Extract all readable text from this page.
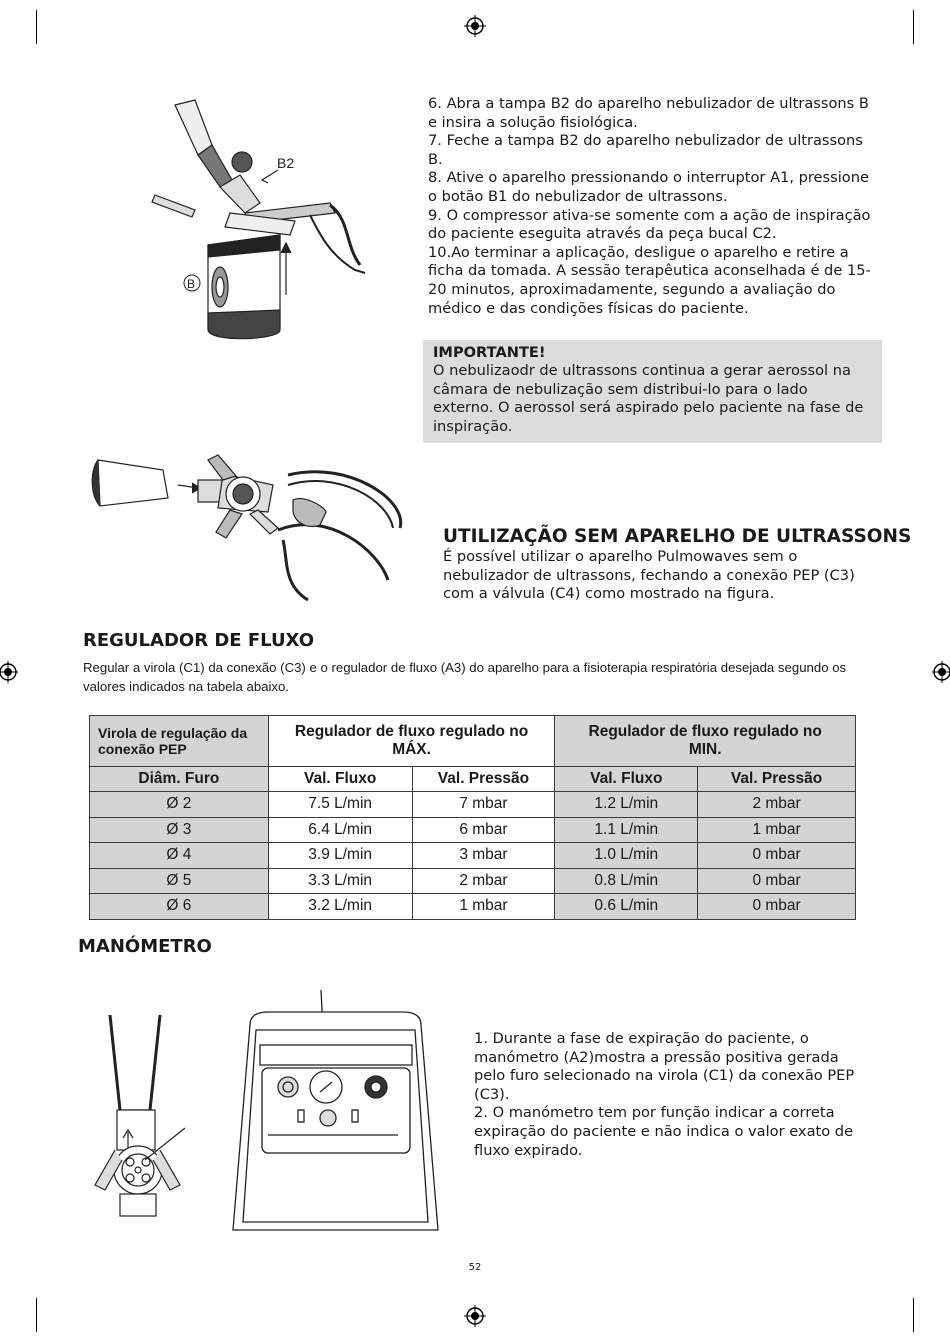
B2
B

6. Abra a tampa B2 do aparelho nebulizador de ultrassons B e insira a solução fisiológica.

7. Feche a tampa B2 do aparelho nebulizador de ultrassons B.

8. Ative o aparelho pressionando o interruptor A1, pressione o botão B1 do nebulizador de ultrassons.

9. O compressor ativa-se somente com a ação de inspiração do paciente eseguita através da peça bucal C2.

10.Ao terminar a aplicação, desligue o aparelho e retire a ficha da tomada. A sessão terapêutica aconselhada é de 15-20 minutos, aproximadamente, segundo a avaliação do médico e das condições físicas do paciente.

IMPORTANTE!
O nebulizaodr de ultrassons continua a gerar aerossol na câmara de nebulização sem distribui-lo para o lado externo. O aerossol será aspirado pelo paciente na fase de inspiração.
UTILIZAÇÃO SEM APARELHO DE ULTRASSONS
É possível utilizar o aparelho Pulmowaves sem o nebulizador de ultrassons, fechando a conexão PEP (C3) com a válvula (C4) como mostrado na figura.
REGULADOR DE FLUXO
Regular a virola (C1) da conexão (C3) e o regulador de fluxo (A3) do aparelho para a fisioterapia respiratória desejada segundo os valores indicados na tabela abaixo.
Virola de regulação da conexão PEP	Regulador de fluxo regulado no MÁX.		Regulador de fluxo regulado no MIN.	
Diâm. Furo	Val. Fluxo	Val. Pressão	Val. Fluxo	Val. Pressão
Ø 2	7.5 L/min	7 mbar	1.2 L/min	2 mbar
Ø 3	6.4 L/min	6 mbar	1.1 L/min	1 mbar
Ø 4	3.9 L/min	3 mbar	1.0 L/min	0 mbar
Ø 5	3.3 L/min	2 mbar	0.8 L/min	0 mbar
Ø 6	3.2 L/min	1 mbar	0.6 L/min	0 mbar
MANÓMETRO

1. Durante a fase de expiração do paciente, o manómetro (A2)mostra a pressão positiva gerada pelo furo selecionado na virola (C1) da conexão PEP (C3).

2. O manómetro tem por função indicar a correta expiração do paciente e não indica o valor exato de fluxo expirado.

52
